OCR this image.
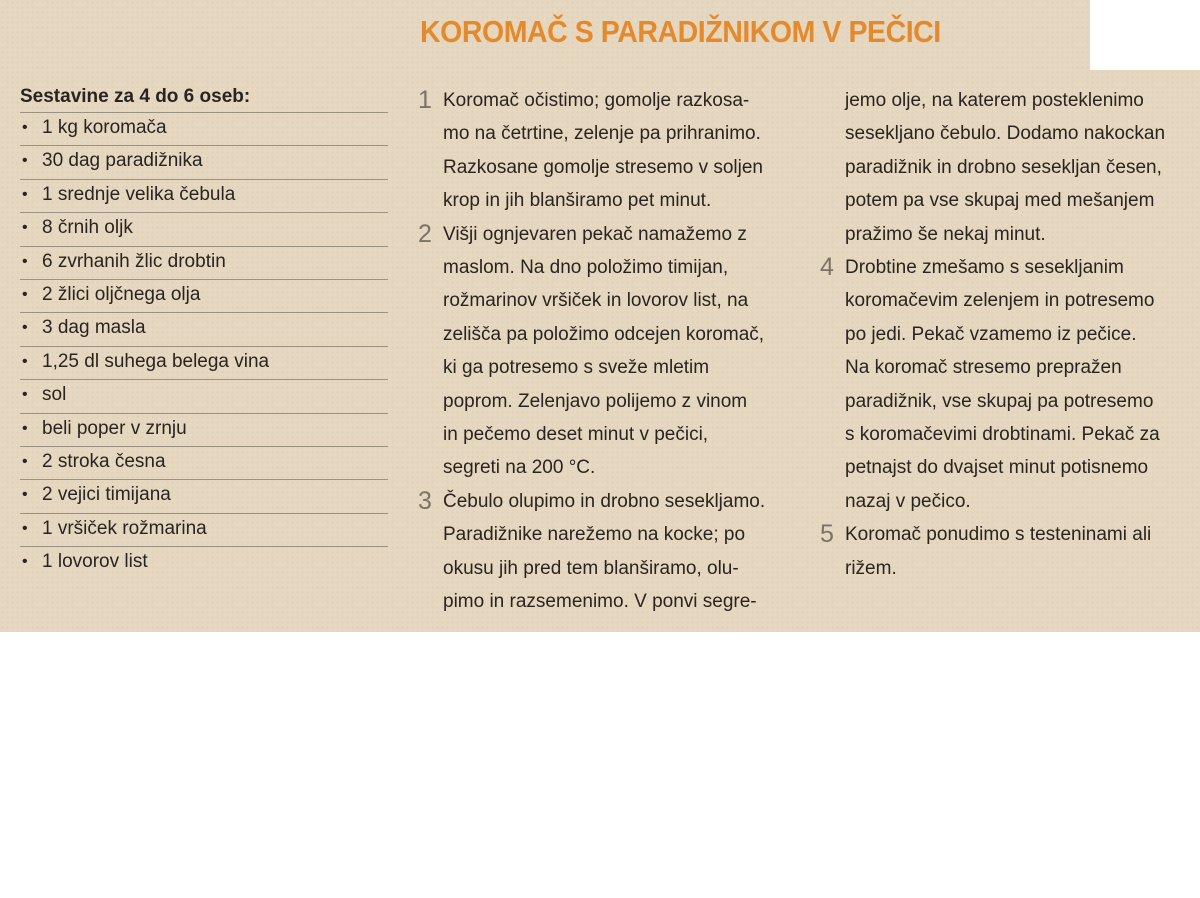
KOROMAČ S PARADIŽNIKOM V PEČICI
Sestavine za 4 do 6 oseb:
• 1 kg koromača
• 30 dag paradižnika
• 1 srednje velika čebula
• 8 črnih oljk
• 6 zvrhanih žlic drobtin
• 2 žlici oljčnega olja
• 3 dag masla
• 1,25 dl suhega belega vina
• sol
• beli poper v zrnju
• 2 stroka česna
• 2 vejici timijana
• 1 vršiček rožmarina
• 1 lovorov list
1 Koromač očistimo; gomolje razkosa-
mo na četrtine, zelenje pa prihranimo.
Razkosane gomolje stresemo v soljen
krop in jih blanširamo pet minut.
2 Višji ognjevaren pekač namažemo z
maslom. Na dno položimo timijan,
rožmarinov vršiček in lovorov list, na
zelišča pa položimo odcejen koromač,
ki ga potresemo s sveže mletim
poprom. Zelenjavo polijemo z vinom
in pečemo deset minut v pečici,
segreti na 200 °C.
3 Čebulo olupimo in drobno sesekljamo.
Paradižnike narežemo na kocke; po
okusu jih pred tem blanširamo, olu-
pimo in razsemenimo. V ponvi segre-
jemo olje, na katerem posteklenimo
sesekljano čebulo. Dodamo nakockan
paradižnik in drobno sesekljan česen,
potem pa vse skupaj med mešanjem
pražimo še nekaj minut.
4 Drobtine zmešamo s sesekljanim
koromačevim zelenjem in potresemo
po jedi. Pekač vzamemo iz pečice.
Na koromač stresemo prepražen
paradižnik, vse skupaj pa potresemo
s koromačevimi drobtinami. Pekač za
petnajst do dvajset minut potisnemo
nazaj v pečico.
5 Koromač ponudimo s testeninami ali
rižem.
